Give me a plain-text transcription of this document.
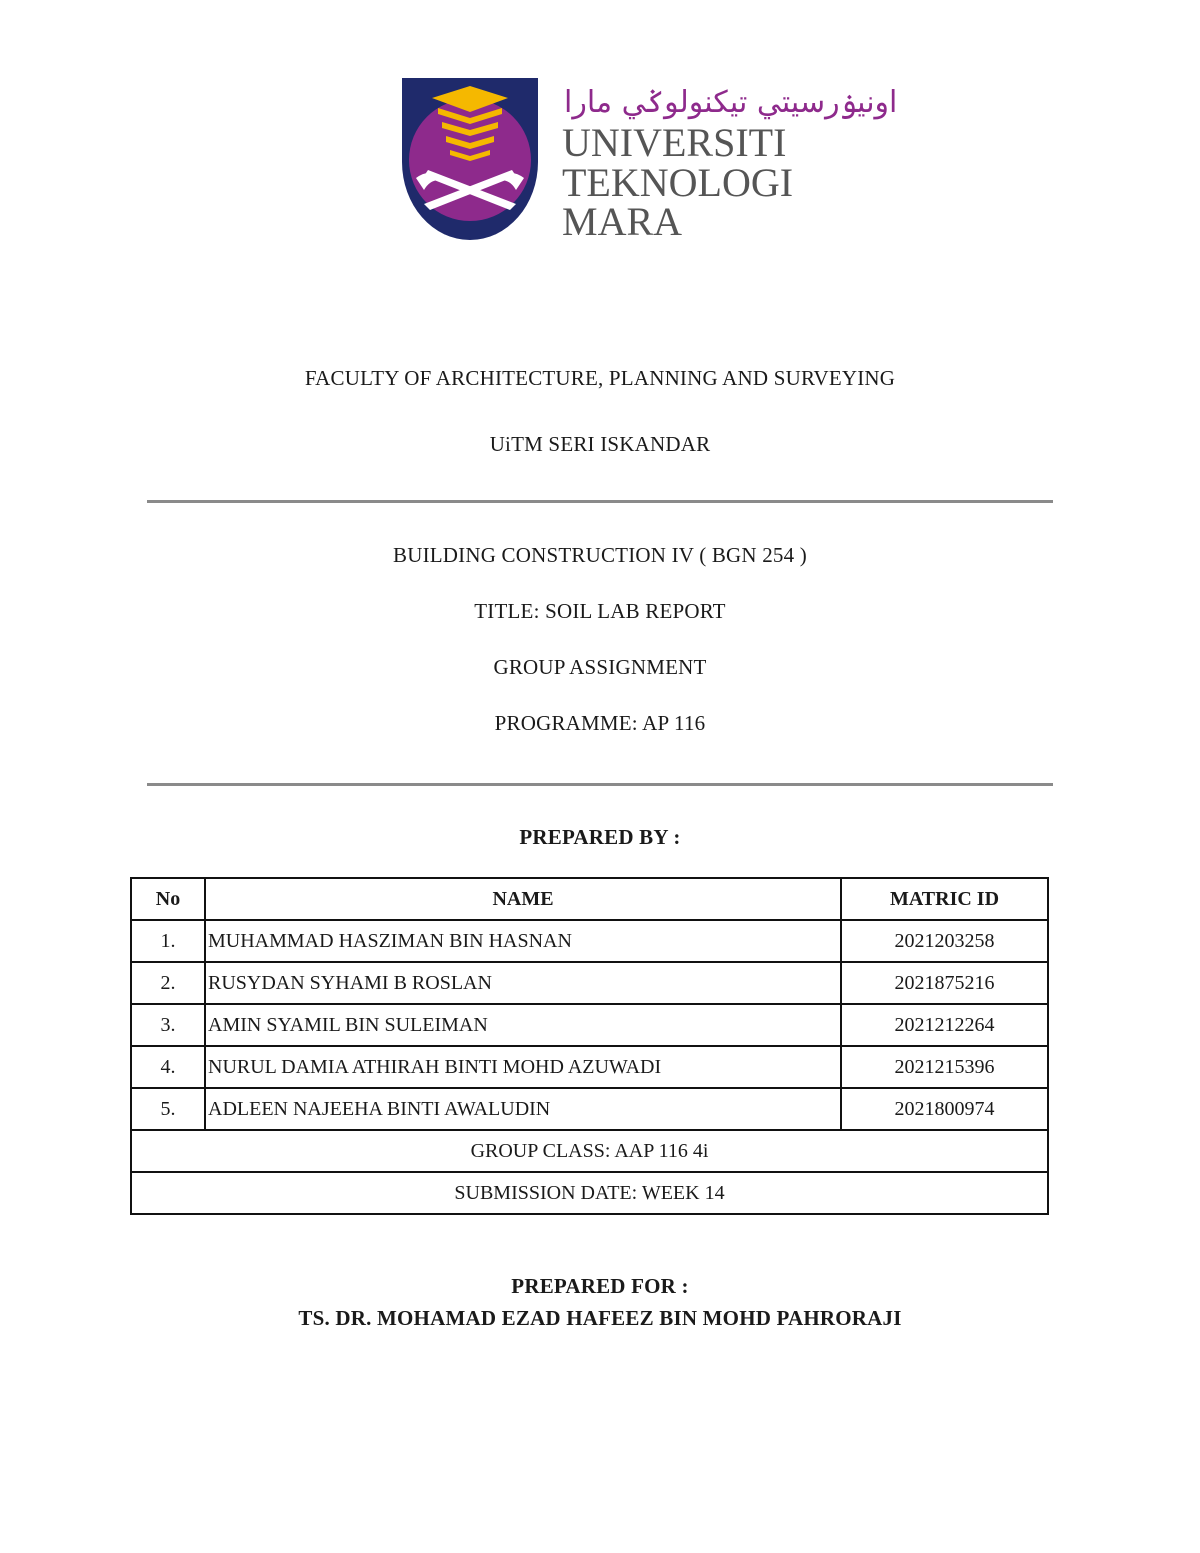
اونيۏرسيتي تيكنولوݢي مارا
UNIVERSITI
TEKNOLOGI
MARA
FACULTY OF ARCHITECTURE, PLANNING AND SURVEYING
UiTM SERI ISKANDAR
BUILDING CONSTRUCTION IV ( BGN 254 )
TITLE: SOIL LAB REPORT
GROUP ASSIGNMENT
PROGRAMME: AP 116
PREPARED BY :
No	NAME	MATRIC ID
1.	MUHAMMAD HASZIMAN BIN HASNAN	2021203258
2.	RUSYDAN SYHAMI B ROSLAN	2021875216
3.	AMIN SYAMIL BIN SULEIMAN	2021212264
4.	NURUL DAMIA ATHIRAH BINTI MOHD AZUWADI	2021215396
5.	ADLEEN NAJEEHA BINTI AWALUDIN	2021800974
GROUP CLASS: AAP 116 4i		
SUBMISSION DATE: WEEK 14		
PREPARED FOR :
TS. DR. MOHAMAD EZAD HAFEEZ BIN MOHD PAHRORAJI
